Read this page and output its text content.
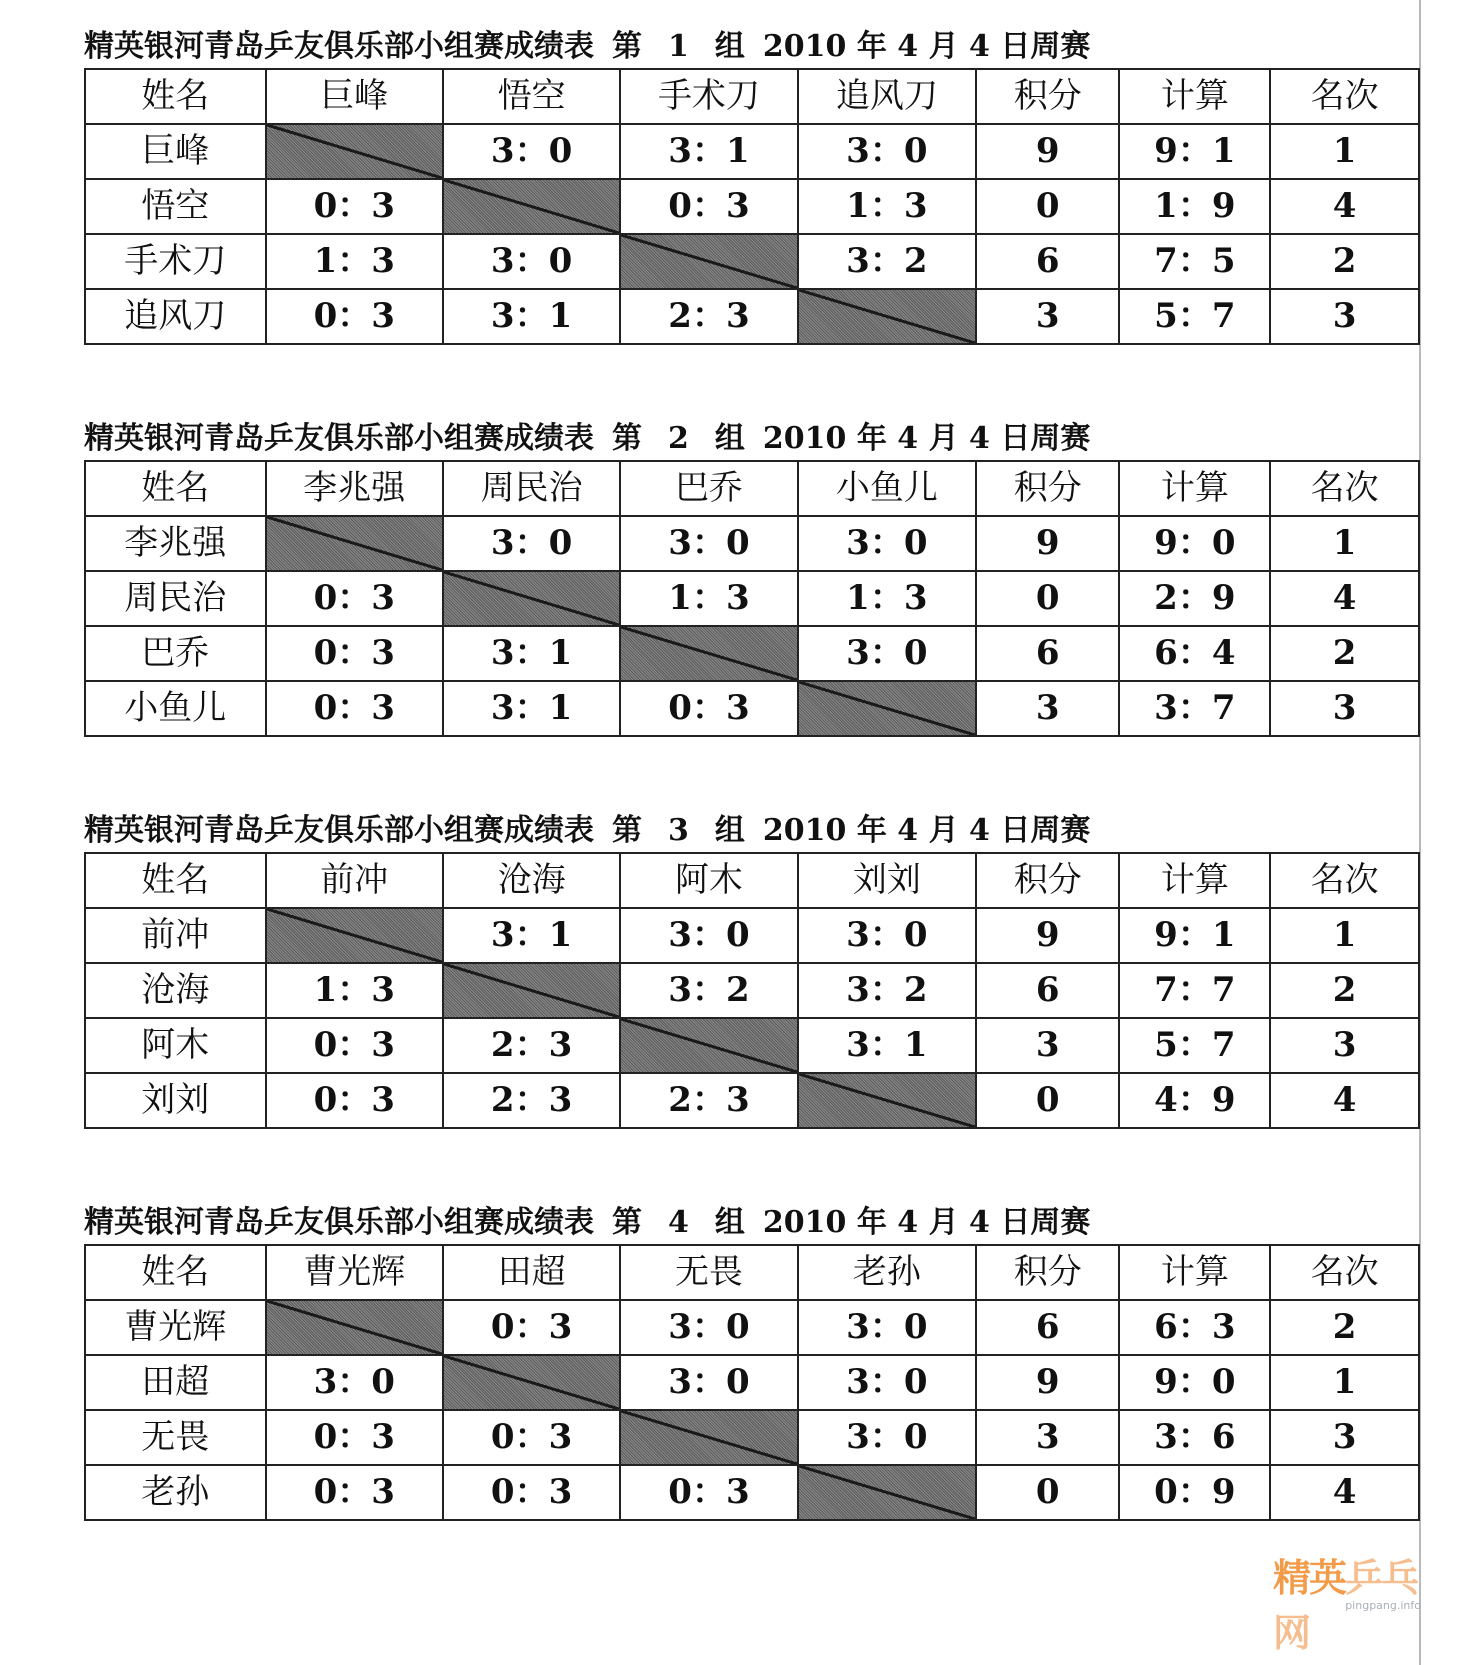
精英银河青岛乒友俱乐部小组赛成绩表 第 1 组 2010 年 4 月 4 日周赛
姓名	巨峰	悟空	手术刀	追风刀	积分	计算	名次
巨峰		3：0	3：1	3：0	9	9：1	1
悟空	0：3		0：3	1：3	0	1：9	4
手术刀	1：3	3：0		3：2	6	7：5	2
追风刀	0：3	3：1	2：3		3	5：7	3
精英银河青岛乒友俱乐部小组赛成绩表 第 2 组 2010 年 4 月 4 日周赛
姓名	李兆强	周民治	巴乔	小鱼儿	积分	计算	名次
李兆强		3：0	3：0	3：0	9	9：0	1
周民治	0：3		1：3	1：3	0	2：9	4
巴乔	0：3	3：1		3：0	6	6：4	2
小鱼儿	0：3	3：1	0：3		3	3：7	3
精英银河青岛乒友俱乐部小组赛成绩表 第 3 组 2010 年 4 月 4 日周赛
姓名	前冲	沧海	阿木	刘刘	积分	计算	名次
前冲		3：1	3：0	3：0	9	9：1	1
沧海	1：3		3：2	3：2	6	7：7	2
阿木	0：3	2：3		3：1	3	5：7	3
刘刘	0：3	2：3	2：3		0	4：9	4
精英银河青岛乒友俱乐部小组赛成绩表 第 4 组 2010 年 4 月 4 日周赛
姓名	曹光辉	田超	无畏	老孙	积分	计算	名次
曹光辉		0：3	3：0	3：0	6	6：3	2
田超	3：0		3：0	3：0	9	9：0	1
无畏	0：3	0：3		3：0	3	3：6	3
老孙	0：3	0：3	0：3		0	0：9	4
pingpang.info
精英乒乓网
